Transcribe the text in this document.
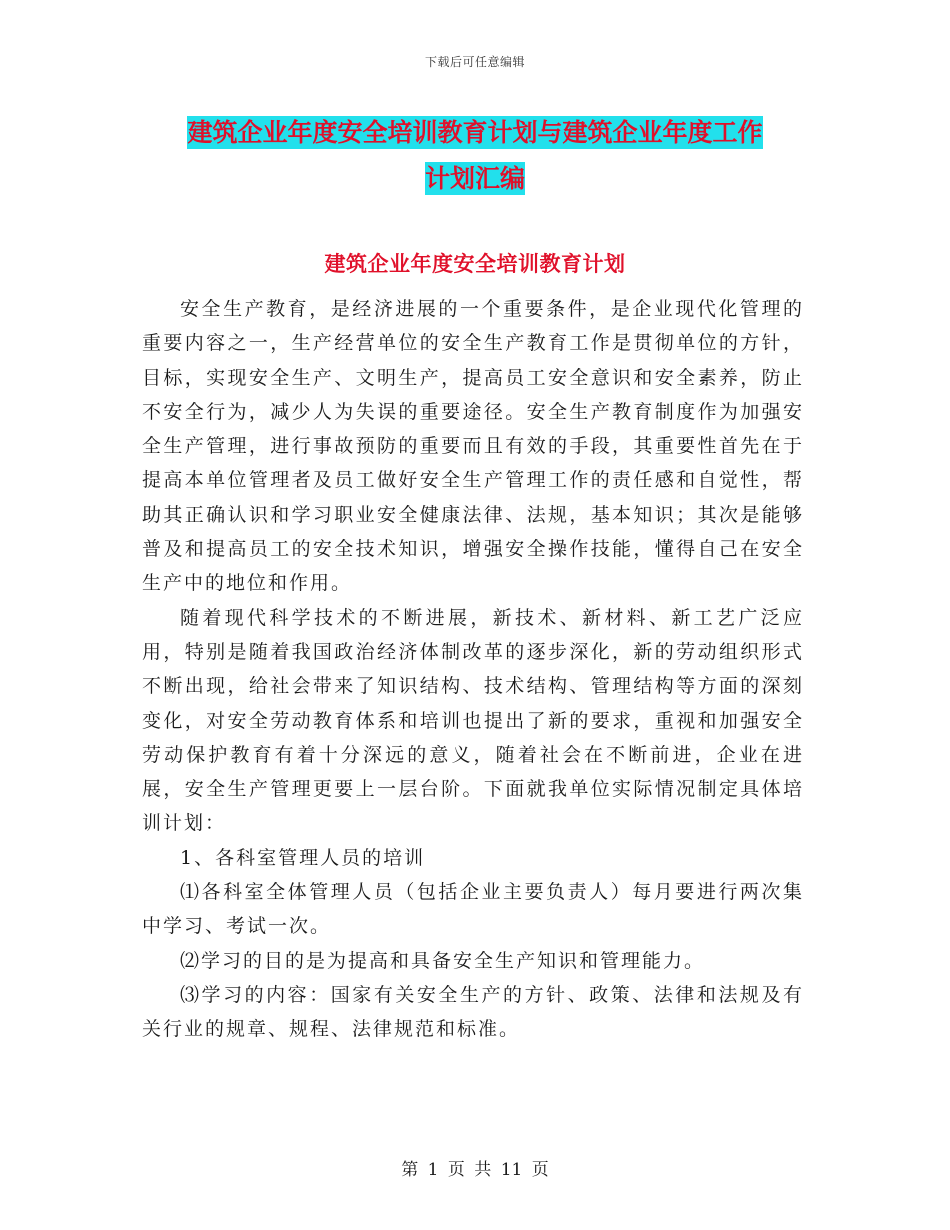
下载后可任意编辑
建筑企业年度安全培训教育计划与建筑企业年度工作
计划汇编
建筑企业年度安全培训教育计划

安全生产教育，是经济进展的一个重要条件，是企业现代化管理的重要内容之一，生产经营单位的安全生产教育工作是贯彻单位的方针，目标，实现安全生产、文明生产，提高员工安全意识和安全素养，防止不安全行为，减少人为失误的重要途径。安全生产教育制度作为加强安全生产管理，进行事故预防的重要而且有效的手段，其重要性首先在于提高本单位管理者及员工做好安全生产管理工作的责任感和自觉性，帮助其正确认识和学习职业安全健康法律、法规，基本知识；其次是能够普及和提高员工的安全技术知识，增强安全操作技能，懂得自己在安全生产中的地位和作用。

随着现代科学技术的不断进展，新技术、新材料、新工艺广泛应用，特别是随着我国政治经济体制改革的逐步深化，新的劳动组织形式不断出现，给社会带来了知识结构、技术结构、管理结构等方面的深刻变化，对安全劳动教育体系和培训也提出了新的要求，重视和加强安全劳动保护教育有着十分深远的意义，随着社会在不断前进，企业在进展，安全生产管理更要上一层台阶。下面就我单位实际情况制定具体培训计划：

1、各科室管理人员的培训

⑴各科室全体管理人员（包括企业主要负责人）每月要进行两次集中学习、考试一次。

⑵学习的目的是为提高和具备安全生产知识和管理能力。

⑶学习的内容：国家有关安全生产的方针、政策、法律和法规及有关行业的规章、规程、法律规范和标准。

第 1 页 共 11 页
